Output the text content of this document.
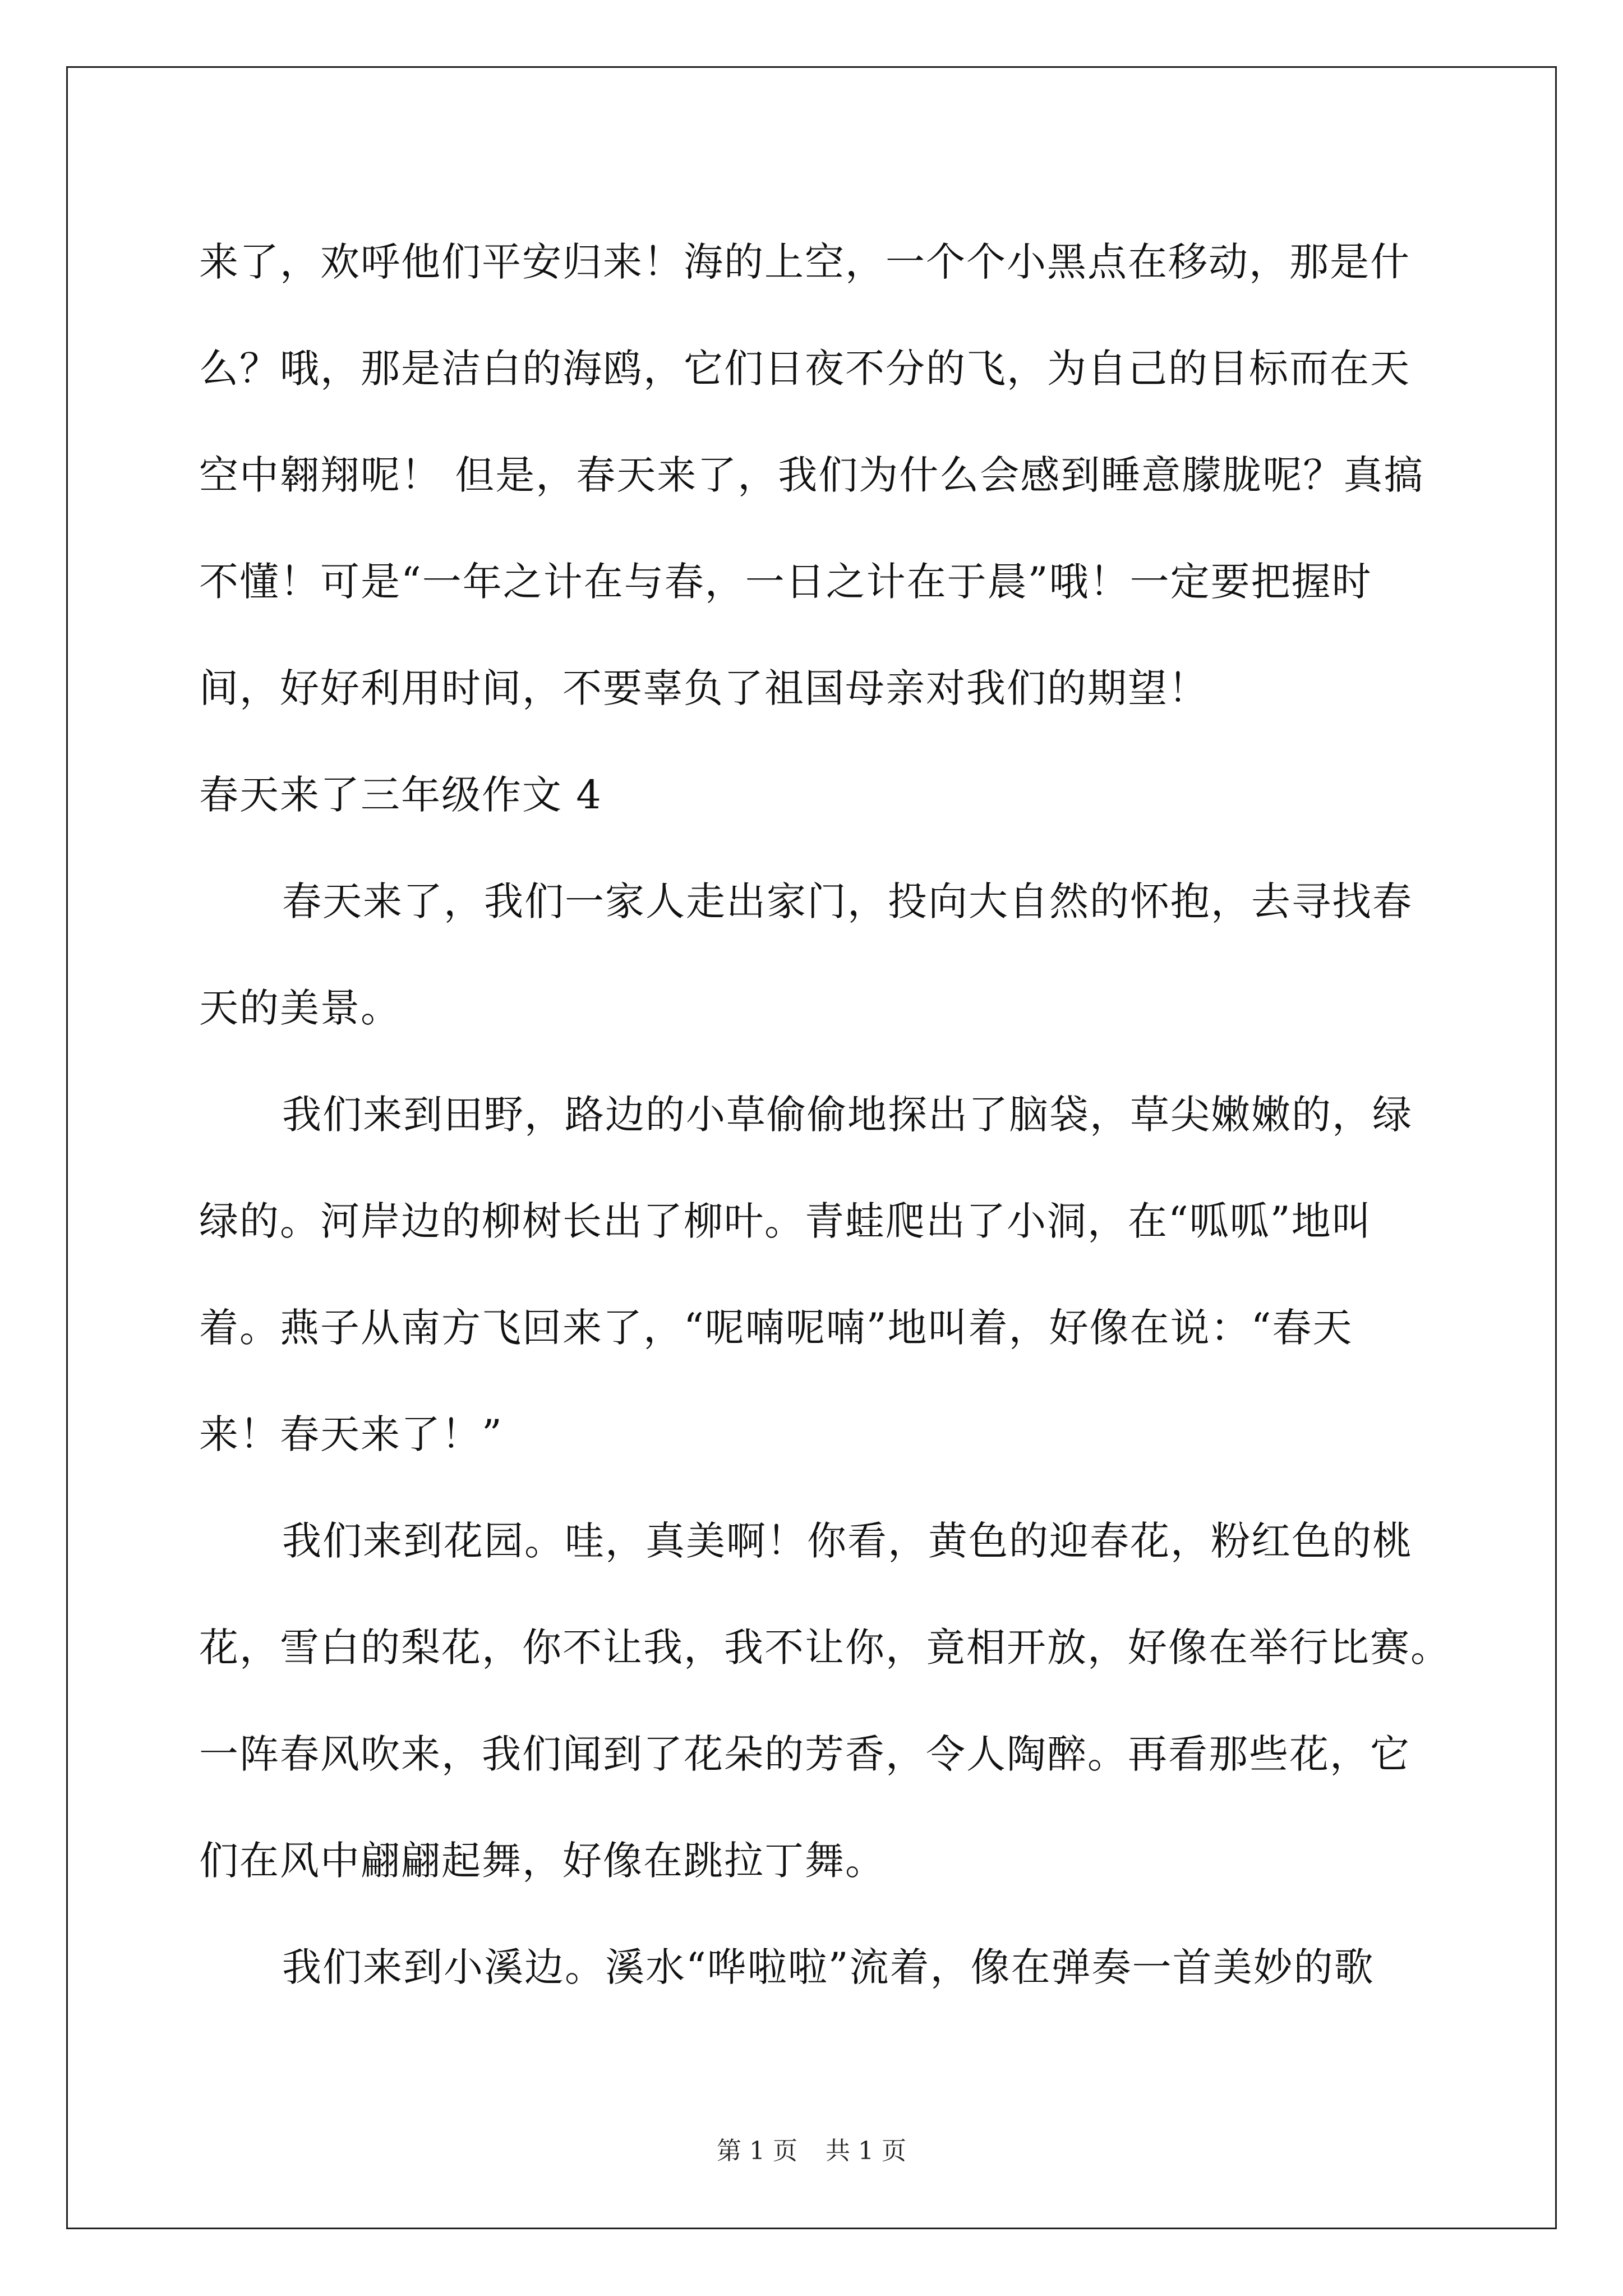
来了，欢呼他们平安归来！海的上空，一个个小黑点在移动，那是什
么？哦，那是洁白的海鸥，它们日夜不分的飞，为自己的目标而在天
空中翱翔呢！ 但是，春天来了，我们为什么会感到睡意朦胧呢？真搞
不懂！可是“一年之计在与春，一日之计在于晨”哦！一定要把握时
间，好好利用时间，不要辜负了祖国母亲对我们的期望！
春天来了三年级作文 4
春天来了，我们一家人走出家门，投向大自然的怀抱，去寻找春
天的美景。
我们来到田野，路边的小草偷偷地探出了脑袋，草尖嫩嫩的，绿
绿的。河岸边的柳树长出了柳叶。青蛙爬出了小洞，在“呱呱”地叫
着。燕子从南方飞回来了，“呢喃呢喃”地叫着，好像在说：“春天
来！春天来了！”
我们来到花园。哇，真美啊！你看，黄色的迎春花，粉红色的桃
花，雪白的梨花，你不让我，我不让你，竟相开放，好像在举行比赛。
一阵春风吹来，我们闻到了花朵的芳香，令人陶醉。再看那些花，它
们在风中翩翩起舞，好像在跳拉丁舞。
我们来到小溪边。溪水“哗啦啦”流着，像在弹奏一首美妙的歌
第 1 页 共 1 页
